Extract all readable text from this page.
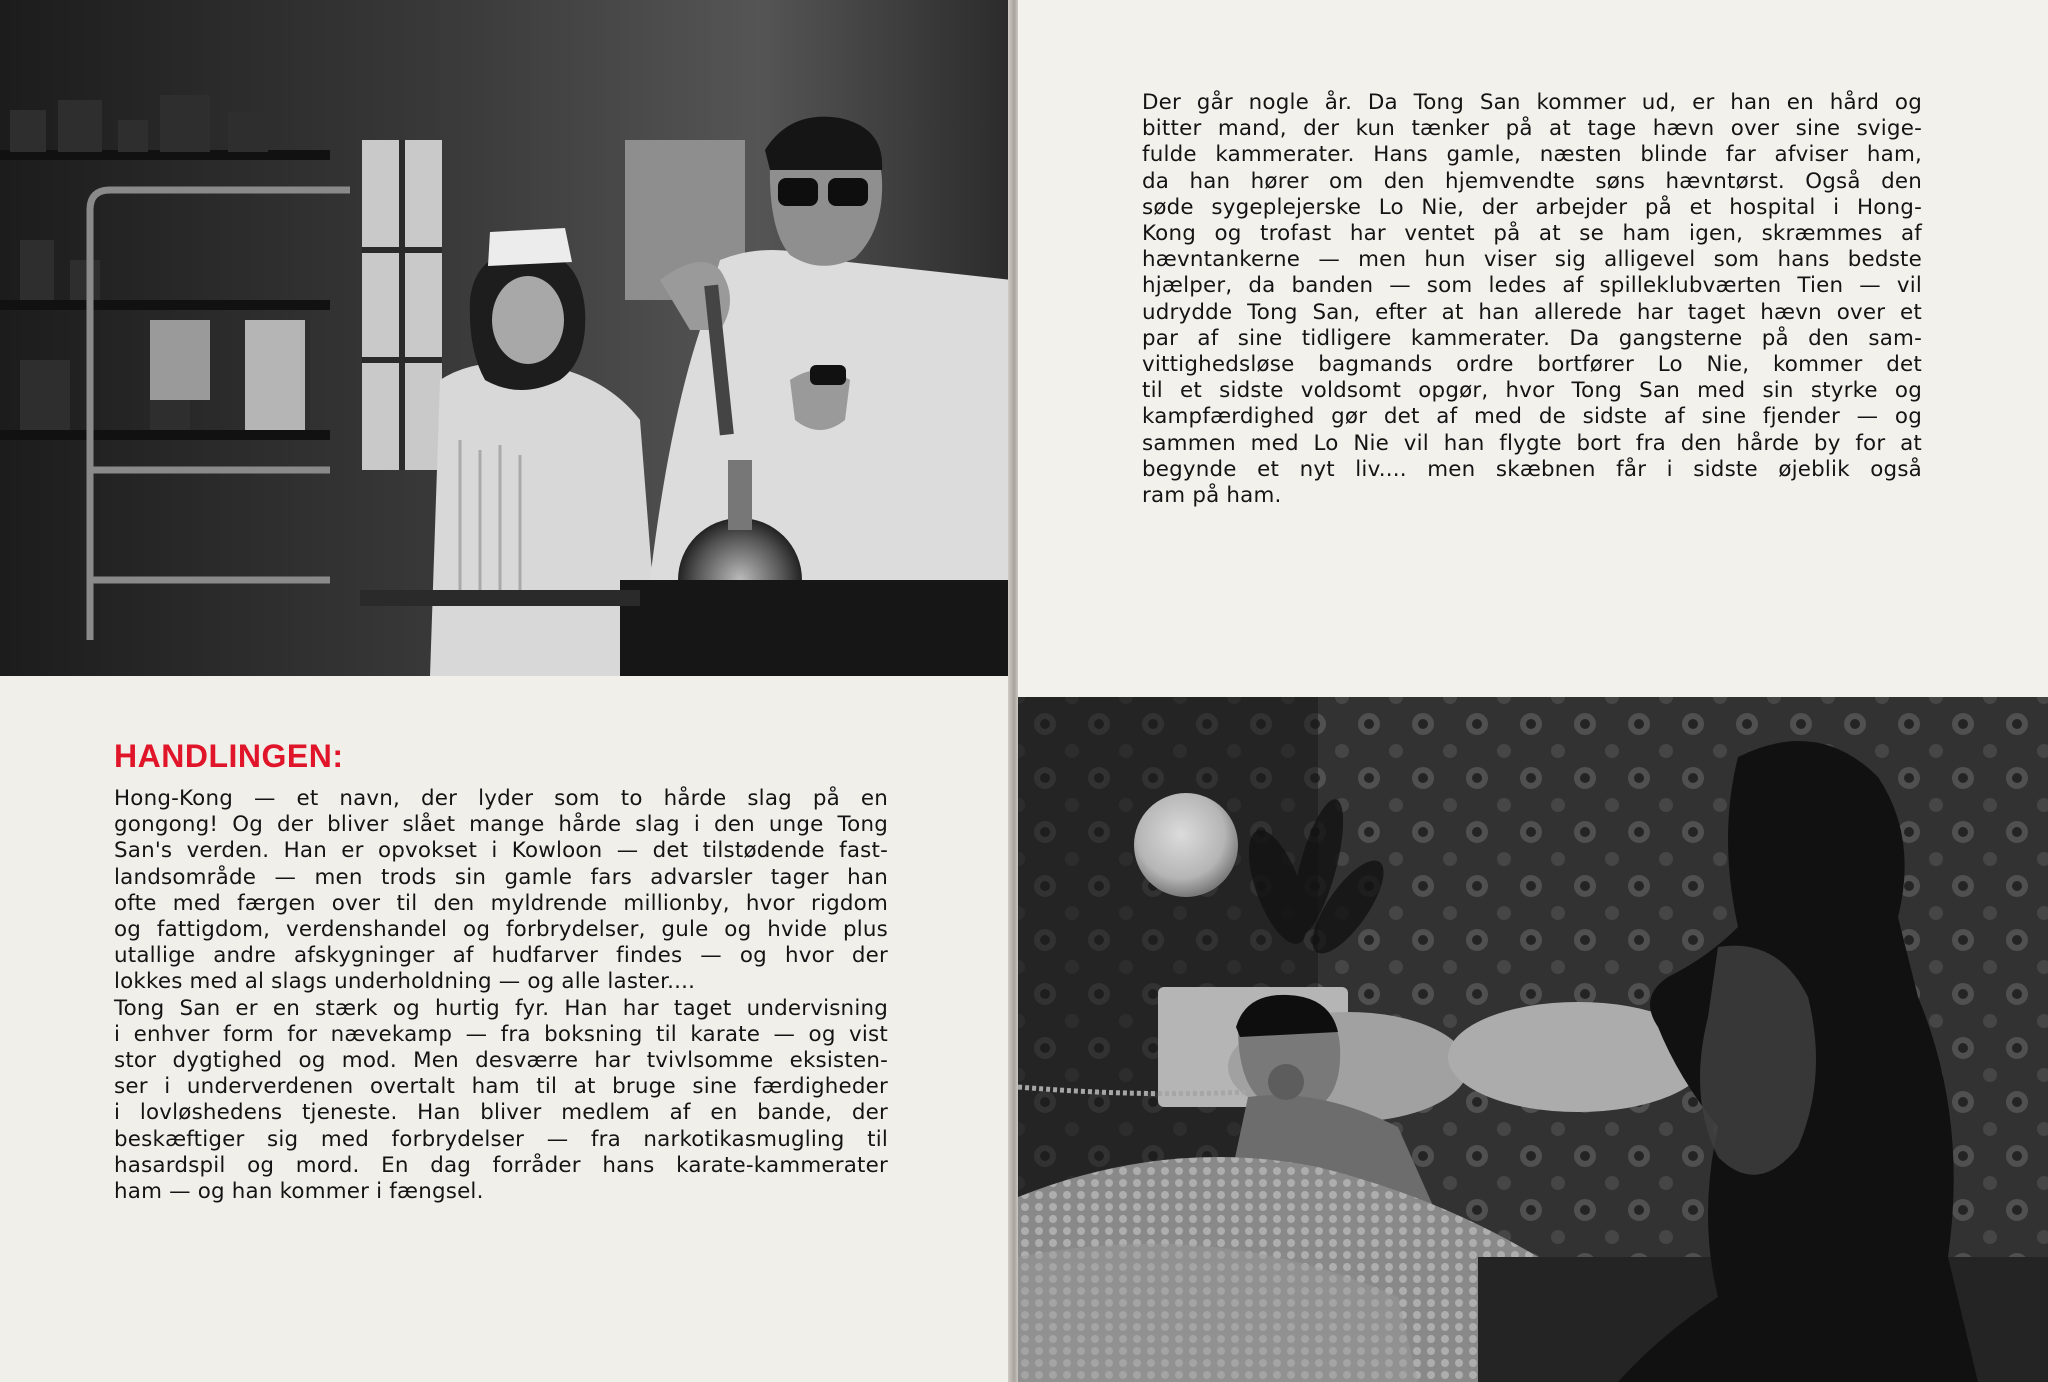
HANDLINGEN:
Hong-Kong — et navn, der lyder som to hårde slag på en
gongong! Og der bliver slået mange hårde slag i den unge Tong
San's verden. Han er opvokset i Kowloon — det tilstødende fast-
landsområde — men trods sin gamle fars advarsler tager han
ofte med færgen over til den myldrende millionby, hvor rigdom
og fattigdom, verdenshandel og forbrydelser, gule og hvide plus
utallige andre afskygninger af hudfarver findes — og hvor der
lokkes med al slags underholdning — og alle laster....
Tong San er en stærk og hurtig fyr. Han har taget undervisning
i enhver form for nævekamp — fra boksning til karate — og vist
stor dygtighed og mod. Men desværre har tvivlsomme eksisten-
ser i underverdenen overtalt ham til at bruge sine færdigheder
i lovløshedens tjeneste. Han bliver medlem af en bande, der
beskæftiger sig med forbrydelser — fra narkotikasmugling til
hasardspil og mord. En dag forråder hans karate-kammerater
ham — og han kommer i fængsel.
Der går nogle år. Da Tong San kommer ud, er han en hård og
bitter mand, der kun tænker på at tage hævn over sine svige-
fulde kammerater. Hans gamle, næsten blinde far afviser ham,
da han hører om den hjemvendte søns hævntørst. Også den
søde sygeplejerske Lo Nie, der arbejder på et hospital i Hong-
Kong og trofast har ventet på at se ham igen, skræmmes af
hævntankerne — men hun viser sig alligevel som hans bedste
hjælper, da banden — som ledes af spilleklubværten Tien — vil
udrydde Tong San, efter at han allerede har taget hævn over et
par af sine tidligere kammerater. Da gangsterne på den sam-
vittighedsløse bagmands ordre bortfører Lo Nie, kommer det
til et sidste voldsomt opgør, hvor Tong San med sin styrke og
kampfærdighed gør det af med de sidste af sine fjender — og
sammen med Lo Nie vil han flygte bort fra den hårde by for at
begynde et nyt liv.... men skæbnen får i sidste øjeblik også
ram på ham.
